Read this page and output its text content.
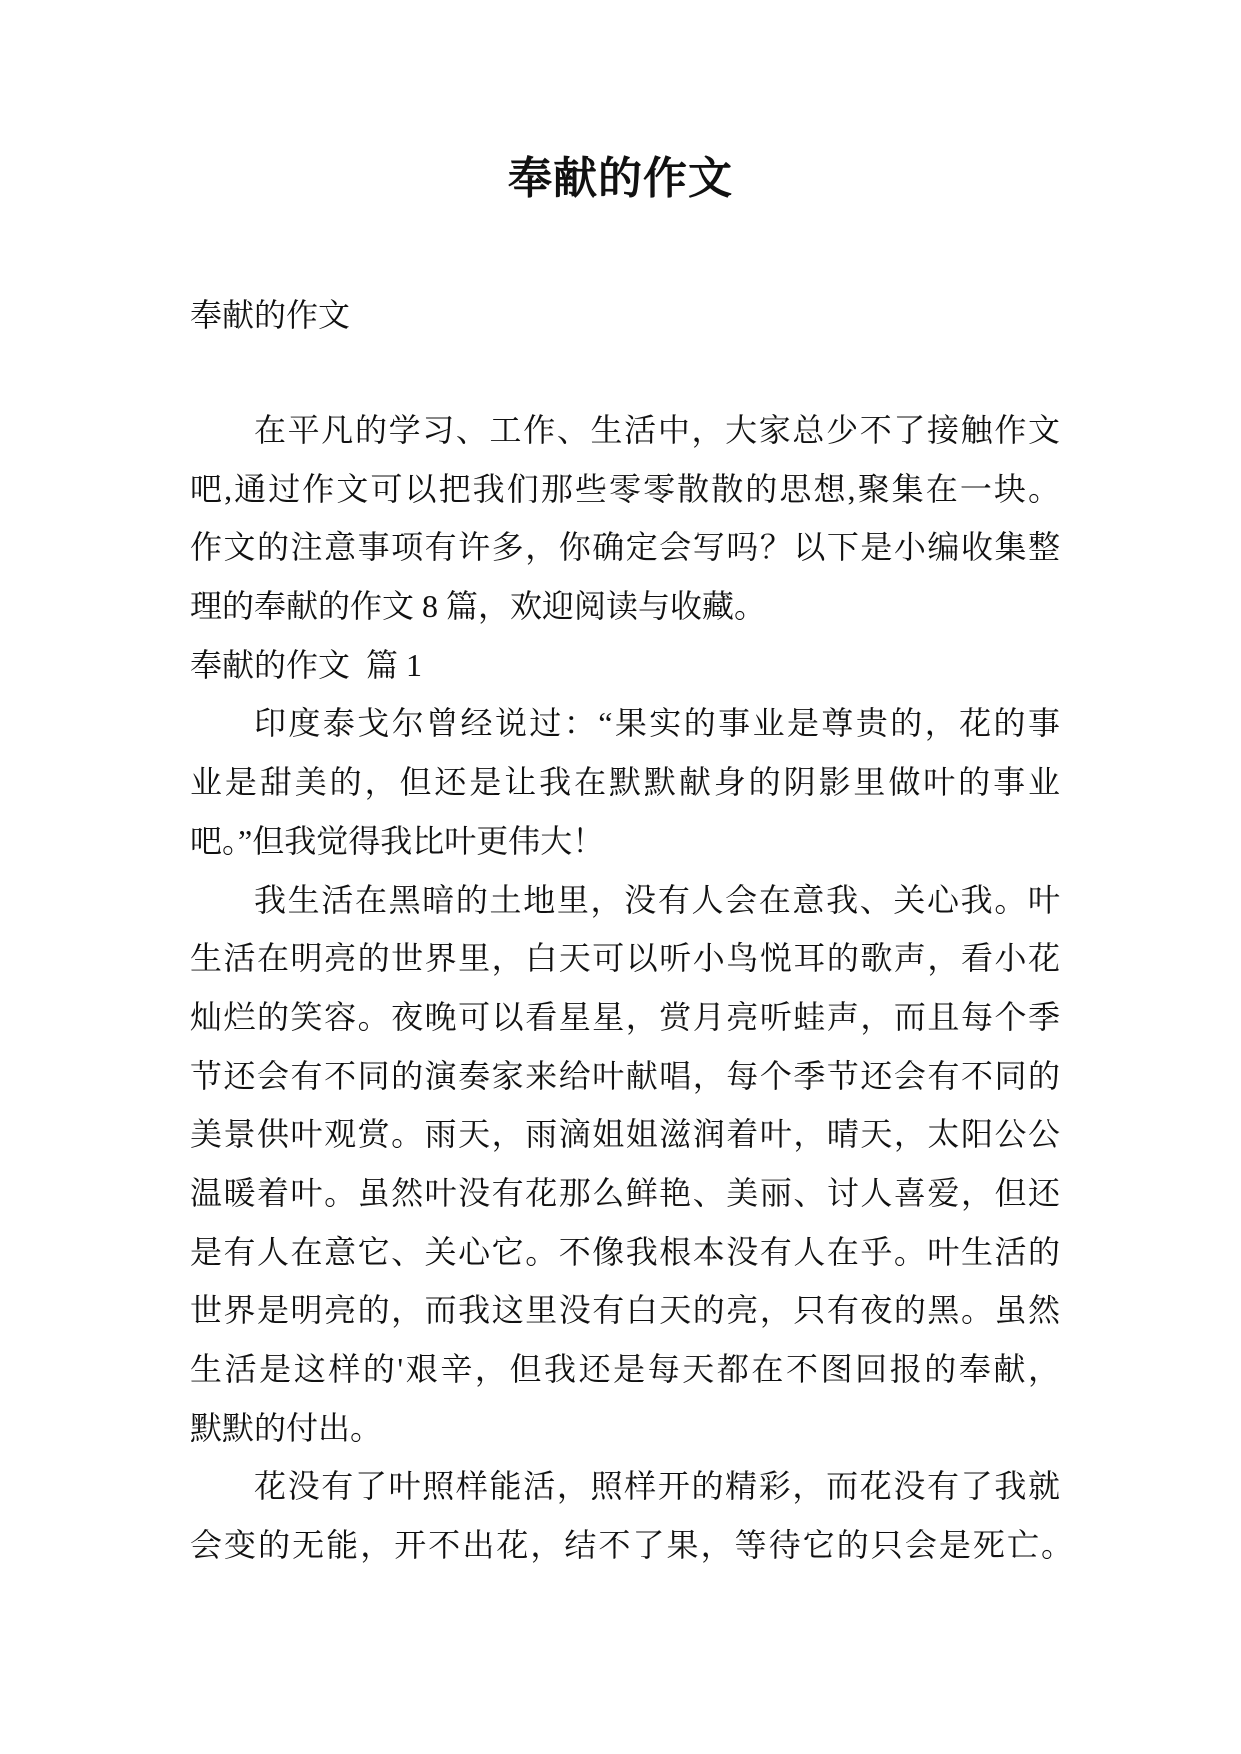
奉献的作文

奉献的作文

在平凡的学习、工作、生活中，大家总少不了接触作文
吧,通过作文可以把我们那些零零散散的思想,聚集在一块。
作文的注意事项有许多，你确定会写吗？以下是小编收集整
理的奉献的作文 8 篇，欢迎阅读与收藏。
奉献的作文  篇 1
印度泰戈尔曾经说过：“果实的事业是尊贵的，花的事
业是甜美的，但还是让我在默默献身的阴影里做叶的事业
吧。”但我觉得我比叶更伟大！
我生活在黑暗的土地里，没有人会在意我、关心我。叶
生活在明亮的世界里，白天可以听小鸟悦耳的歌声，看小花
灿烂的笑容。夜晚可以看星星，赏月亮听蛙声，而且每个季
节还会有不同的演奏家来给叶献唱，每个季节还会有不同的
美景供叶观赏。雨天，雨滴姐姐滋润着叶，晴天，太阳公公
温暖着叶。虽然叶没有花那么鲜艳、美丽、讨人喜爱，但还
是有人在意它、关心它。不像我根本没有人在乎。叶生活的
世界是明亮的，而我这里没有白天的亮，只有夜的黑。虽然
生活是这样的'艰辛，但我还是每天都在不图回报的奉献，
默默的付出。
花没有了叶照样能活，照样开的精彩，而花没有了我就
会变的无能，开不出花，结不了果，等待它的只会是死亡。
